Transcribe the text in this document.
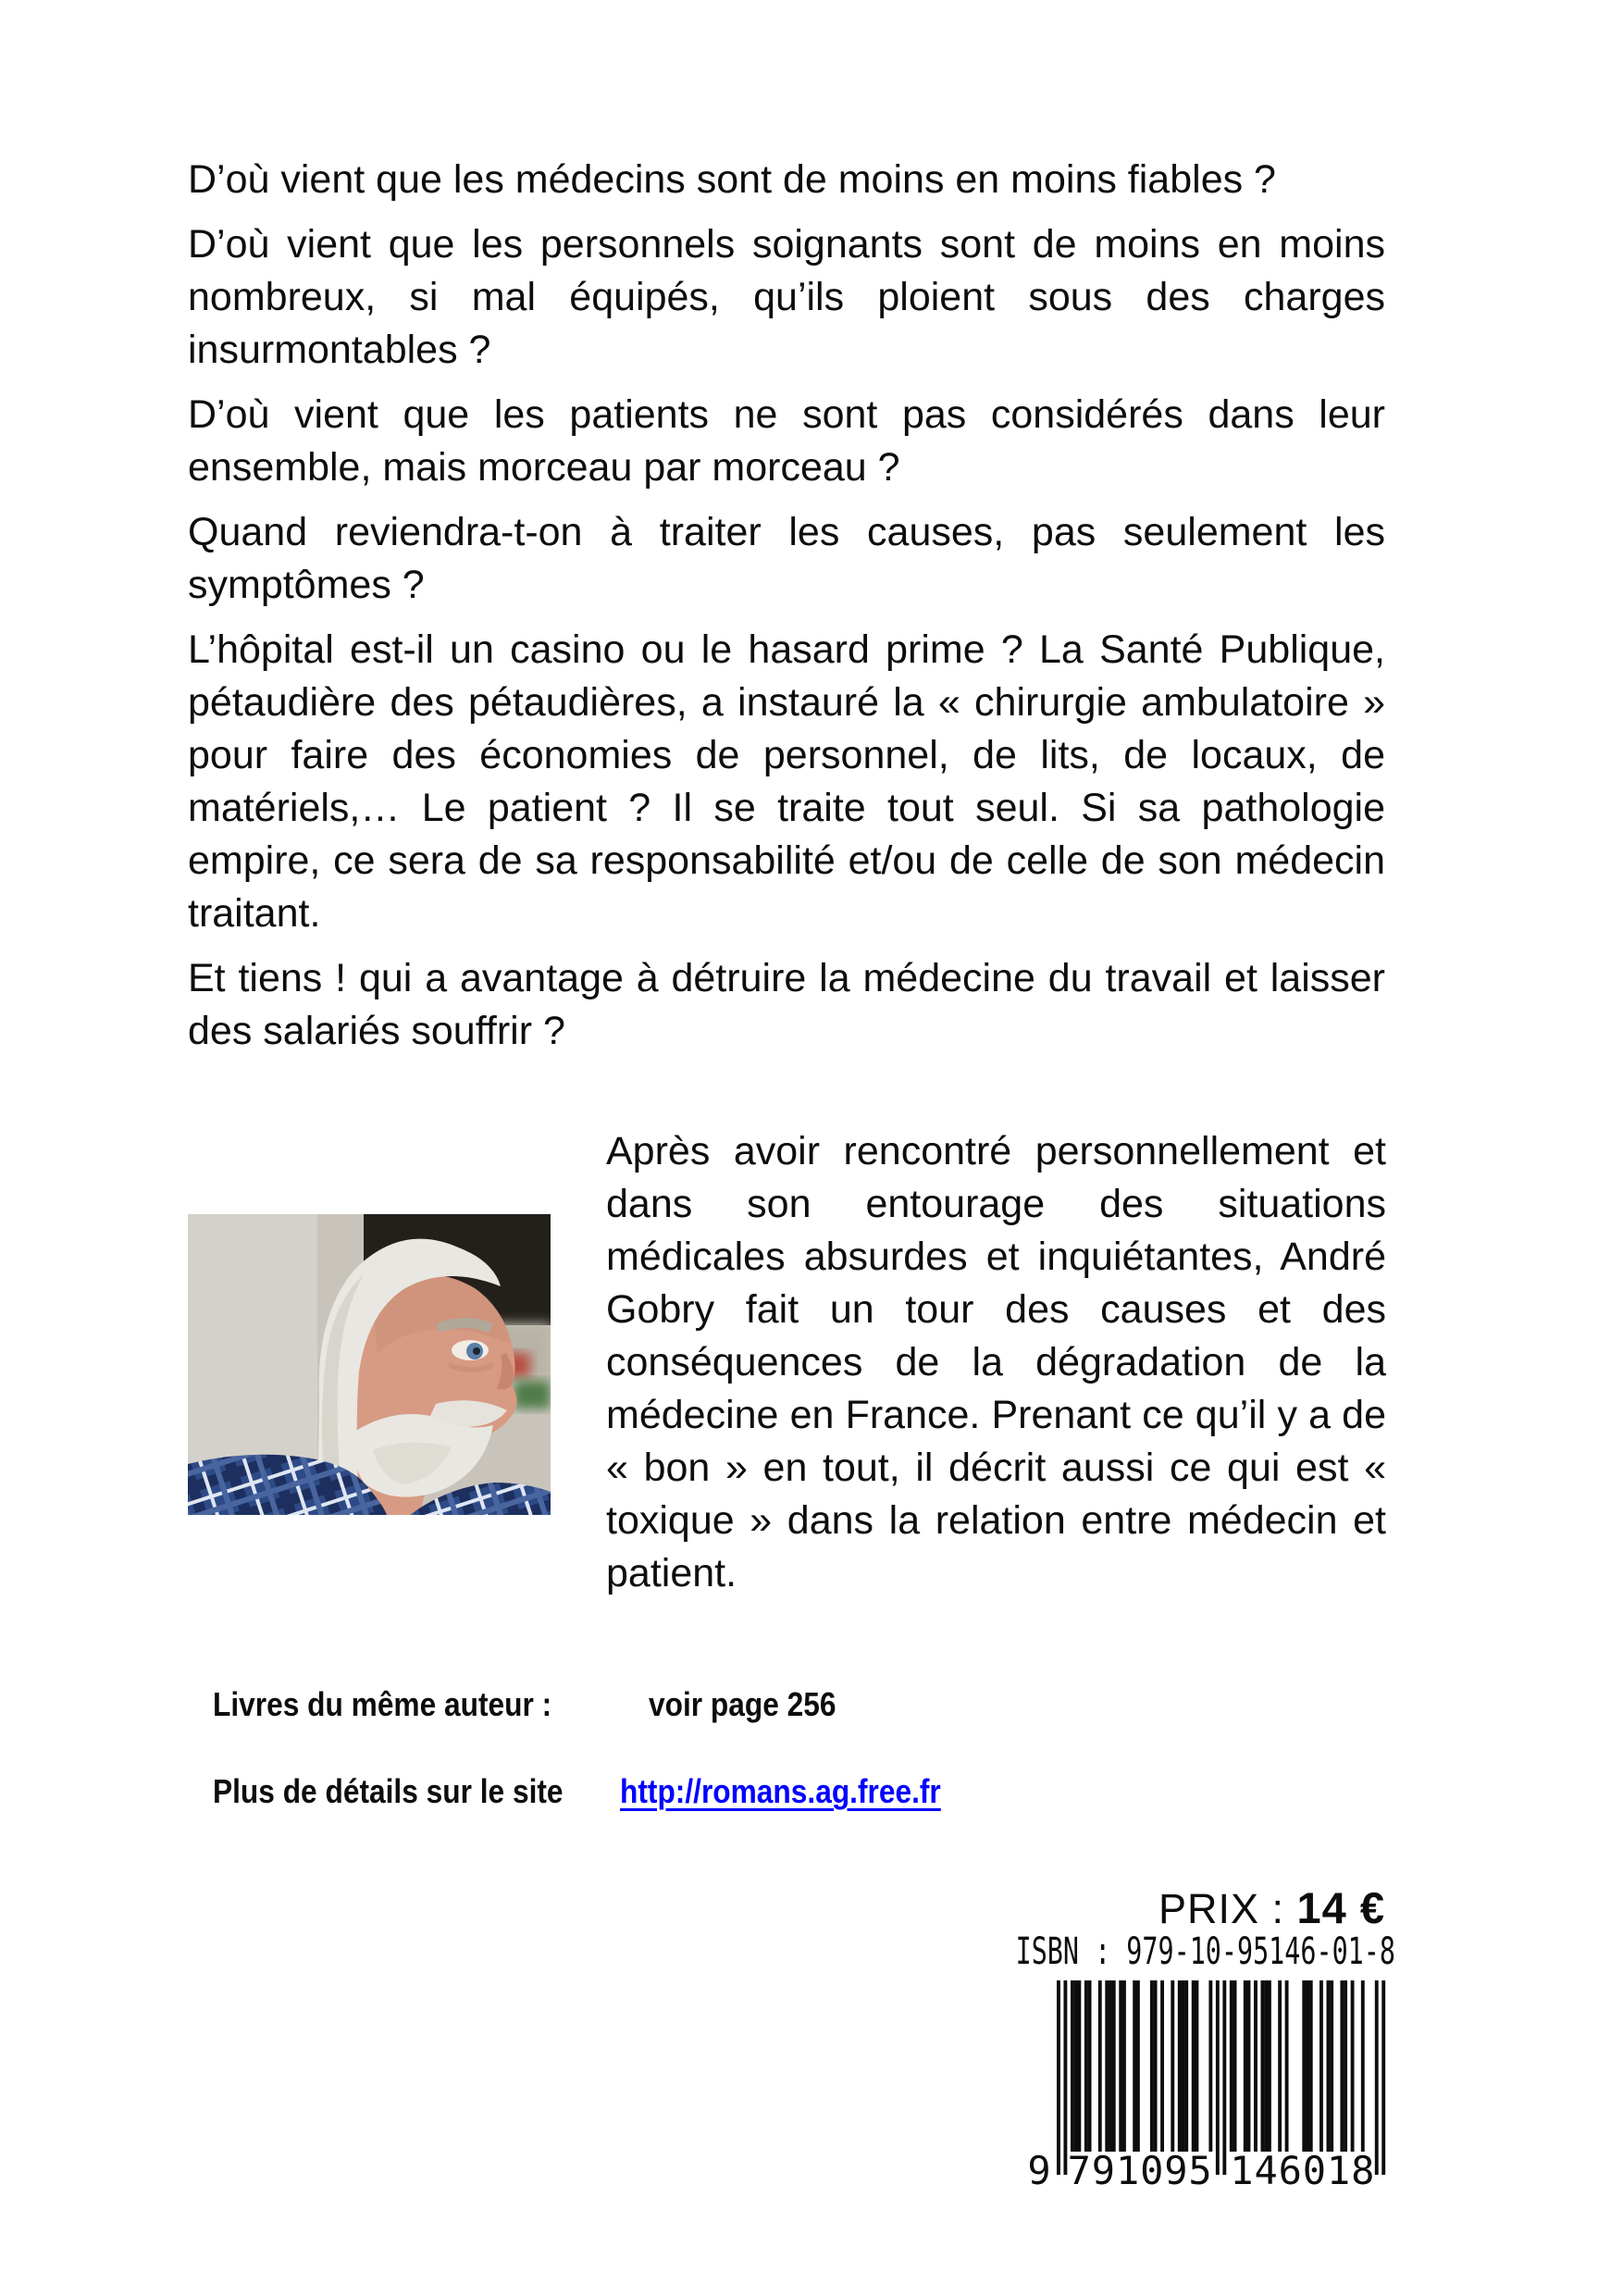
D’où vient que les médecins sont de moins en moins fiables ?

D’où vient que les personnels soignants sont de moins en moins nombreux, si mal équipés, qu’ils ploient sous des charges insurmontables ?

D’où vient que les patients ne sont pas considérés dans leur ensemble, mais morceau par morceau ?

Quand reviendra-t-on à traiter les causes, pas seulement les symptômes ?

L’hôpital est-il un casino ou le hasard prime ? La Santé Publique, pétaudière des pétaudières, a instauré la « chirurgie ambulatoire » pour faire des économies de personnel, de lits, de locaux, de matériels,… Le patient ? Il se traite tout seul. Si sa pathologie empire, ce sera de sa responsabilité et/ou de celle de son médecin traitant.

Et tiens ! qui a avantage à détruire la médecine du travail et laisser des salariés souffrir ?

Après avoir rencontré personnellement et dans son entourage des situations médicales absurdes et inquiétantes, André Gobry fait un tour des causes et des conséquences de la dégradation de la médecine en France. Prenant ce qu’il y a de « bon » en tout, il décrit aussi ce qui est « toxique » dans la relation entre médecin et patient.
Livres du même auteur :	voir page 256
Plus de détails sur le site http://romans.ag.free.fr
PRIX : 14 €
ISBN : 979-10-95146-01-8
9 7 9 1 0 9 5 1 4 6 0 1 8
